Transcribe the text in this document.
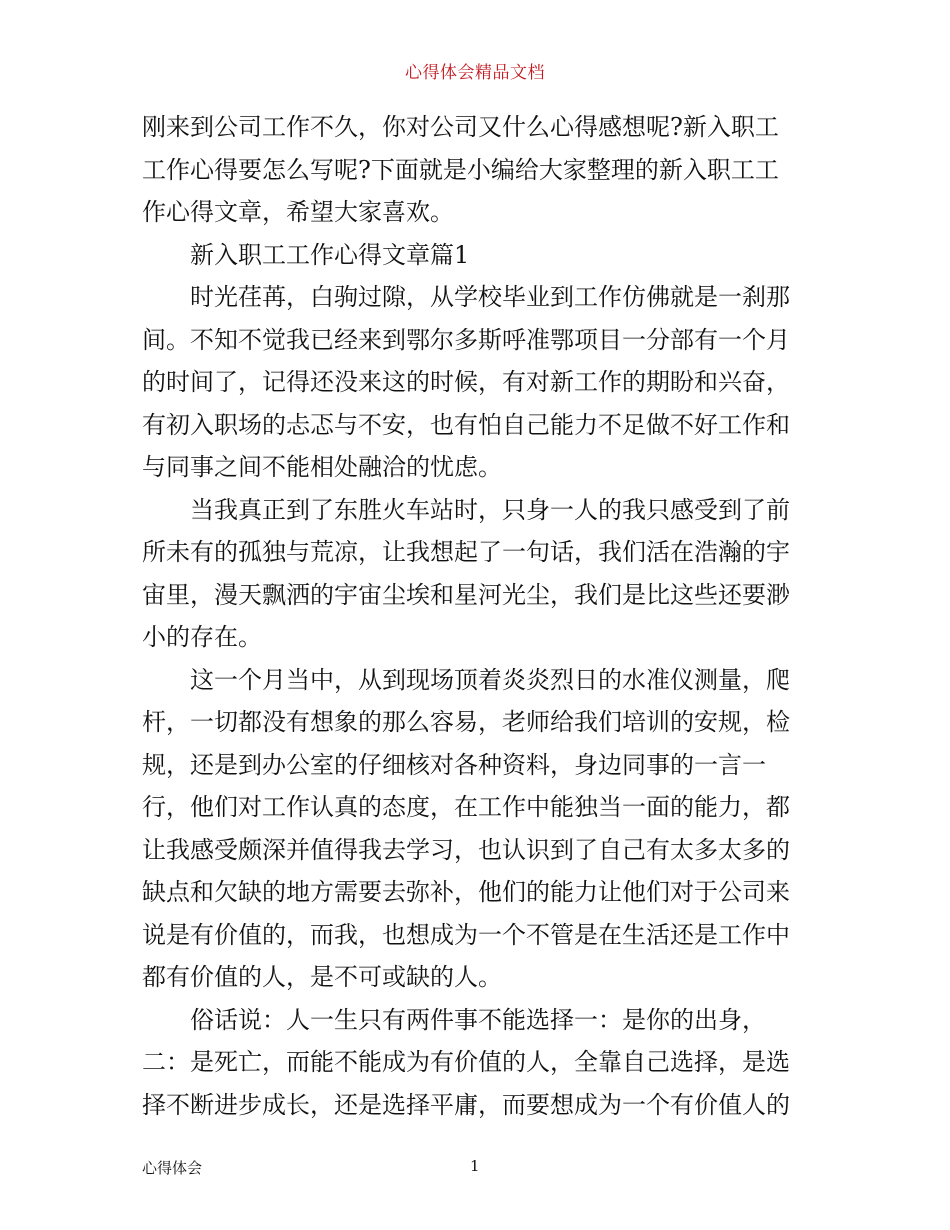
心得体会精品文档
刚来到公司工作不久，你对公司又什么心得感想呢?新入职工
工作心得要怎么写呢?下面就是小编给大家整理的新入职工工
作心得文章，希望大家喜欢。
新入职工工作心得文章篇1
时光荏苒，白驹过隙，从学校毕业到工作仿佛就是一刹那
间。不知不觉我已经来到鄂尔多斯呼准鄂项目一分部有一个月
的时间了，记得还没来这的时候，有对新工作的期盼和兴奋，
有初入职场的忐忑与不安，也有怕自己能力不足做不好工作和
与同事之间不能相处融洽的忧虑。
当我真正到了东胜火车站时，只身一人的我只感受到了前
所未有的孤独与荒凉，让我想起了一句话，我们活在浩瀚的宇
宙里，漫天飘洒的宇宙尘埃和星河光尘，我们是比这些还要渺
小的存在。
这一个月当中，从到现场顶着炎炎烈日的水准仪测量，爬
杆，一切都没有想象的那么容易，老师给我们培训的安规，检
规，还是到办公室的仔细核对各种资料，身边同事的一言一
行，他们对工作认真的态度，在工作中能独当一面的能力，都
让我感受颇深并值得我去学习，也认识到了自己有太多太多的
缺点和欠缺的地方需要去弥补，他们的能力让他们对于公司来
说是有价值的，而我，也想成为一个不管是在生活还是工作中
都有价值的人，是不可或缺的人。
俗话说：人一生只有两件事不能选择一：是你的出身，
二：是死亡，而能不能成为有价值的人，全靠自己选择，是选
择不断进步成长，还是选择平庸，而要想成为一个有价值人的
心得体会	1
